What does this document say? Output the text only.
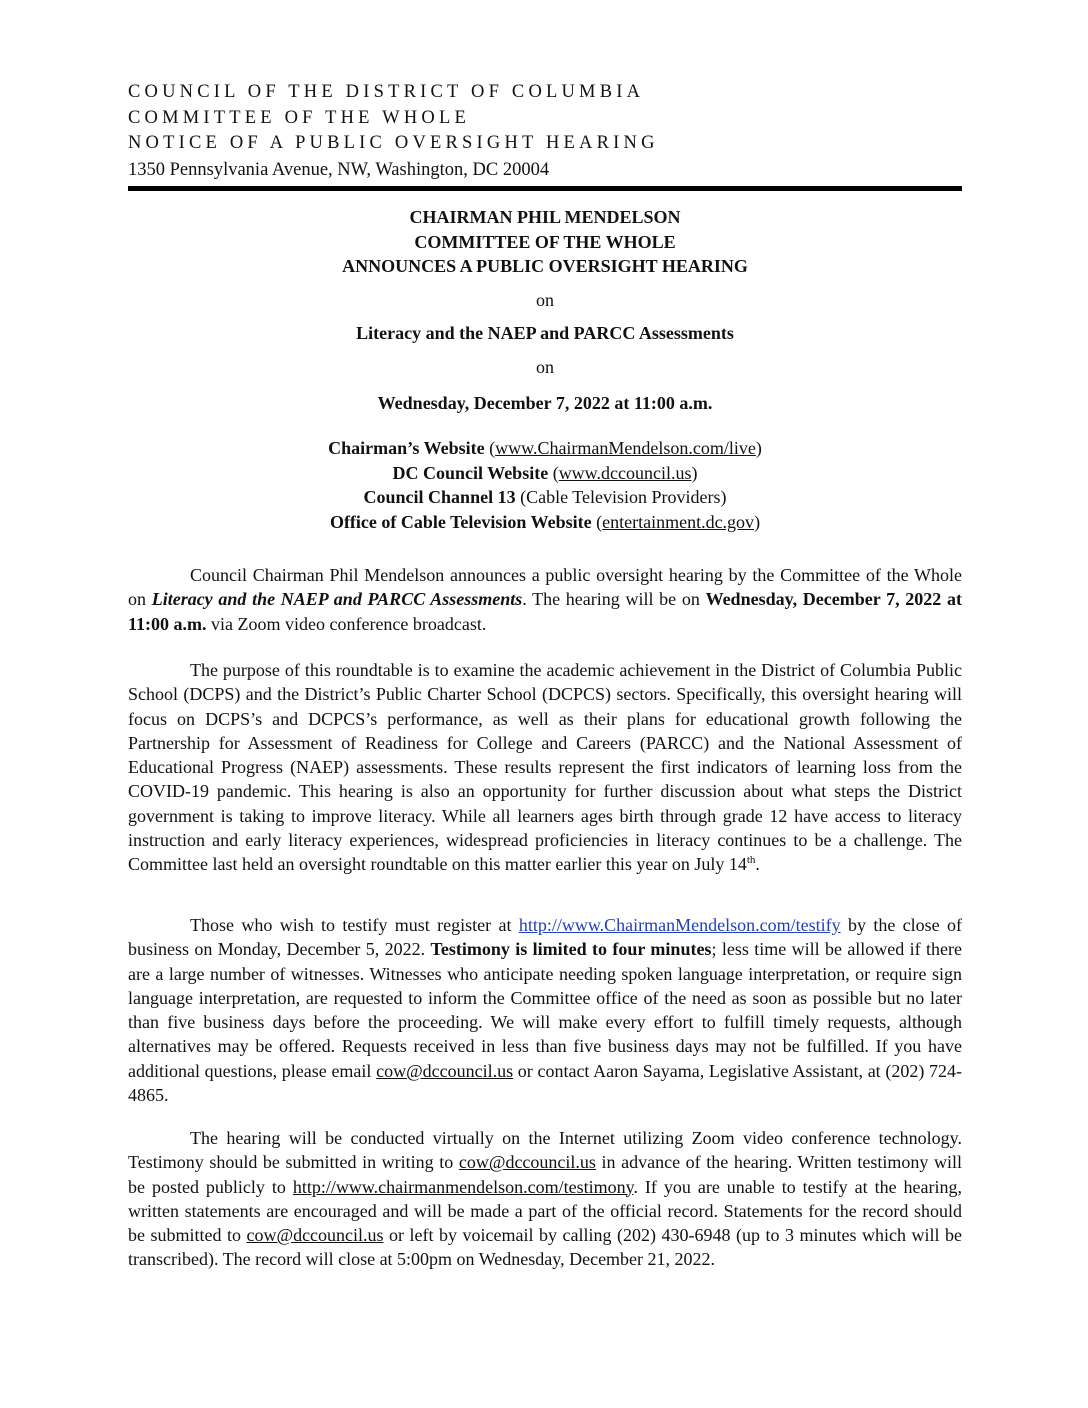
COUNCIL OF THE DISTRICT OF COLUMBIA
COMMITTEE OF THE WHOLE
NOTICE OF A PUBLIC OVERSIGHT HEARING
1350 Pennsylvania Avenue, NW, Washington, DC 20004
CHAIRMAN PHIL MENDELSON
COMMITTEE OF THE WHOLE
ANNOUNCES A PUBLIC OVERSIGHT HEARING
on
Literacy and the NAEP and PARCC Assessments
on
Wednesday, December 7, 2022 at 11:00 a.m.
Chairman’s Website (www.ChairmanMendelson.com/live)
DC Council Website (www.dccouncil.us)
Council Channel 13 (Cable Television Providers)
Office of Cable Television Website (entertainment.dc.gov)

Council Chairman Phil Mendelson announces a public oversight hearing by the Committee of the Whole on Literacy and the NAEP and PARCC Assessments. The hearing will be on Wednesday, December 7, 2022 at 11:00 a.m. via Zoom video conference broadcast.

The purpose of this roundtable is to examine the academic achievement in the District of Columbia Public School (DCPS) and the District’s Public Charter School (DCPCS) sectors. Specifically, this oversight hearing will focus on DCPS’s and DCPCS’s performance, as well as their plans for educational growth following the Partnership for Assessment of Readiness for College and Careers (PARCC) and the National Assessment of Educational Progress (NAEP) assessments. These results represent the first indicators of learning loss from the COVID-19 pandemic. This hearing is also an opportunity for further discussion about what steps the District government is taking to improve literacy. While all learners ages birth through grade 12 have access to literacy instruction and early literacy experiences, widespread proficiencies in literacy continues to be a challenge. The Committee last held an oversight roundtable on this matter earlier this year on July 14th.

Those who wish to testify must register at http://www.ChairmanMendelson.com/testify by the close of business on Monday, December 5, 2022. Testimony is limited to four minutes; less time will be allowed if there are a large number of witnesses. Witnesses who anticipate needing spoken language interpretation, or require sign language interpretation, are requested to inform the Committee office of the need as soon as possible but no later than five business days before the proceeding. We will make every effort to fulfill timely requests, although alternatives may be offered. Requests received in less than five business days may not be fulfilled. If you have additional questions, please email cow@dccouncil.us or contact Aaron Sayama, Legislative Assistant, at (202) 724-4865.

The hearing will be conducted virtually on the Internet utilizing Zoom video conference technology. Testimony should be submitted in writing to cow@dccouncil.us in advance of the hearing. Written testimony will be posted publicly to http://www.chairmanmendelson.com/testimony. If you are unable to testify at the hearing, written statements are encouraged and will be made a part of the official record. Statements for the record should be submitted to cow@dccouncil.us or left by voicemail by calling (202) 430-6948 (up to 3 minutes which will be transcribed). The record will close at 5:00pm on Wednesday, December 21, 2022.
